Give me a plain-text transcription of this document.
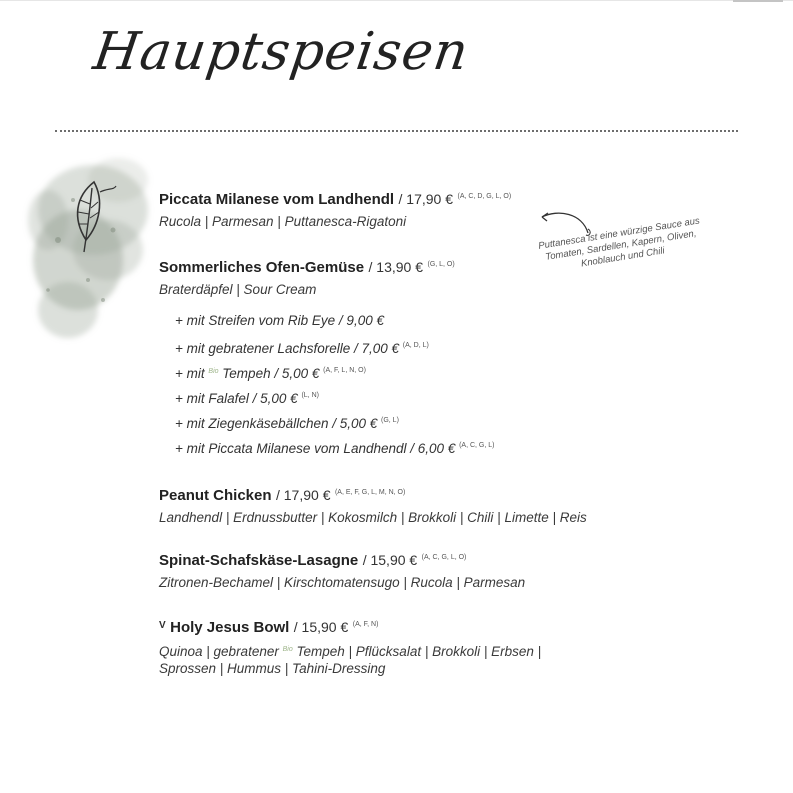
Hauptspeisen
Puttanesca ist eine würzige Sauce aus Tomaten, Sardellen, Kapern, Oliven, Knoblauch und Chili
Piccata Milanese vom Landhendl / 17,90 € $^{(A, C, D, G, L, O)}$
Rucola | Parmesan | Puttanesca-Rigatoni
Sommerliches Ofen-Gemüse / 13,90 € $^{(G, L, O)}$
Braterdäpfel | Sour Cream
+ mit Streifen vom Rib Eye / 9,00 €
+ mit gebratener Lachsforelle / 7,00 € $^{(A, D, L)}$
+ mit $^{Bio}$ Tempeh / 5,00 € $^{(A, F, L, N, O)}$
+ mit Falafel / 5,00 € $^{(L, N)}$
+ mit Ziegenkäsebällchen / 5,00 € $^{(G, L)}$
+ mit Piccata Milanese vom Landhendl / 6,00 € $^{(A, C, G, L)}$
Peanut Chicken / 17,90 € $^{(A, E, F, G, L, M, N, O)}$
Landhendl | Erdnussbutter | Kokosmilch | Brokkoli | Chili | Limette | Reis
Spinat-Schafskäse-Lasagne / 15,90 € $^{(A, C, G, L, O)}$
Zitronen-Bechamel | Kirschtomatensugo | Rucola | Parmesan
$^V$ Holy Jesus Bowl / 15,90 € $^{(A, F, N)}$
Quinoa | gebratener $^{Bio}$ Tempeh | Pflücksalat | Brokkoli | Erbsen |
Sprossen | Hummus | Tahini-Dressing
